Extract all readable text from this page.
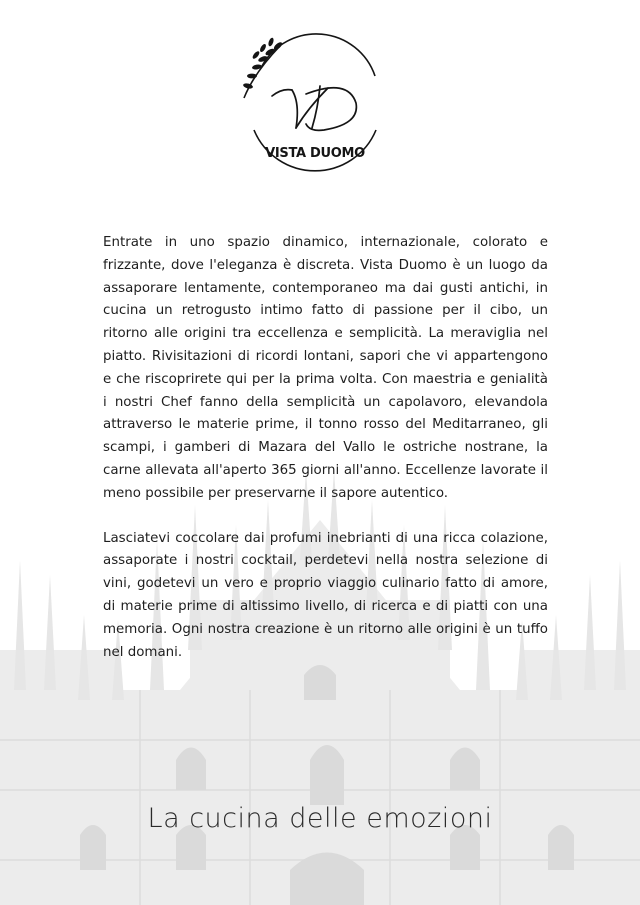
VISTA DUOMO

Entrate in uno spazio dinamico, internazionale, colorato e frizzante, dove l'eleganza è discreta. Vista Duomo è un luogo da assaporare lentamente, contemporaneo ma dai gusti antichi, in cucina un retrogusto intimo fatto di passione per il cibo, un ritorno alle origini tra eccellenza e semplicità. La meraviglia nel piatto. Rivisitazioni di ricordi lontani, sapori che vi appartengono e che riscoprirete qui per la prima volta. Con maestria e genialità i nostri Chef fanno della semplicità un capolavoro, elevandola attraverso le materie prime, il tonno rosso del Meditarraneo, gli scampi, i gamberi di Mazara del Vallo le ostriche nostrane, la carne allevata all'aperto 365 giorni all'anno. Eccellenze lavorate il meno possibile per preservarne il sapore autentico.

Lasciatevi coccolare dai profumi inebrianti di una ricca colazione, assaporate i nostri cocktail, perdetevi nella nostra selezione di vini, godetevi un vero e proprio viaggio culinario fatto di amore, di materie prime di altissimo livello, di ricerca e di piatti con una memoria. Ogni nostra creazione è un ritorno alle origini è un tuffo nel domani.

La cucina delle emozioni
